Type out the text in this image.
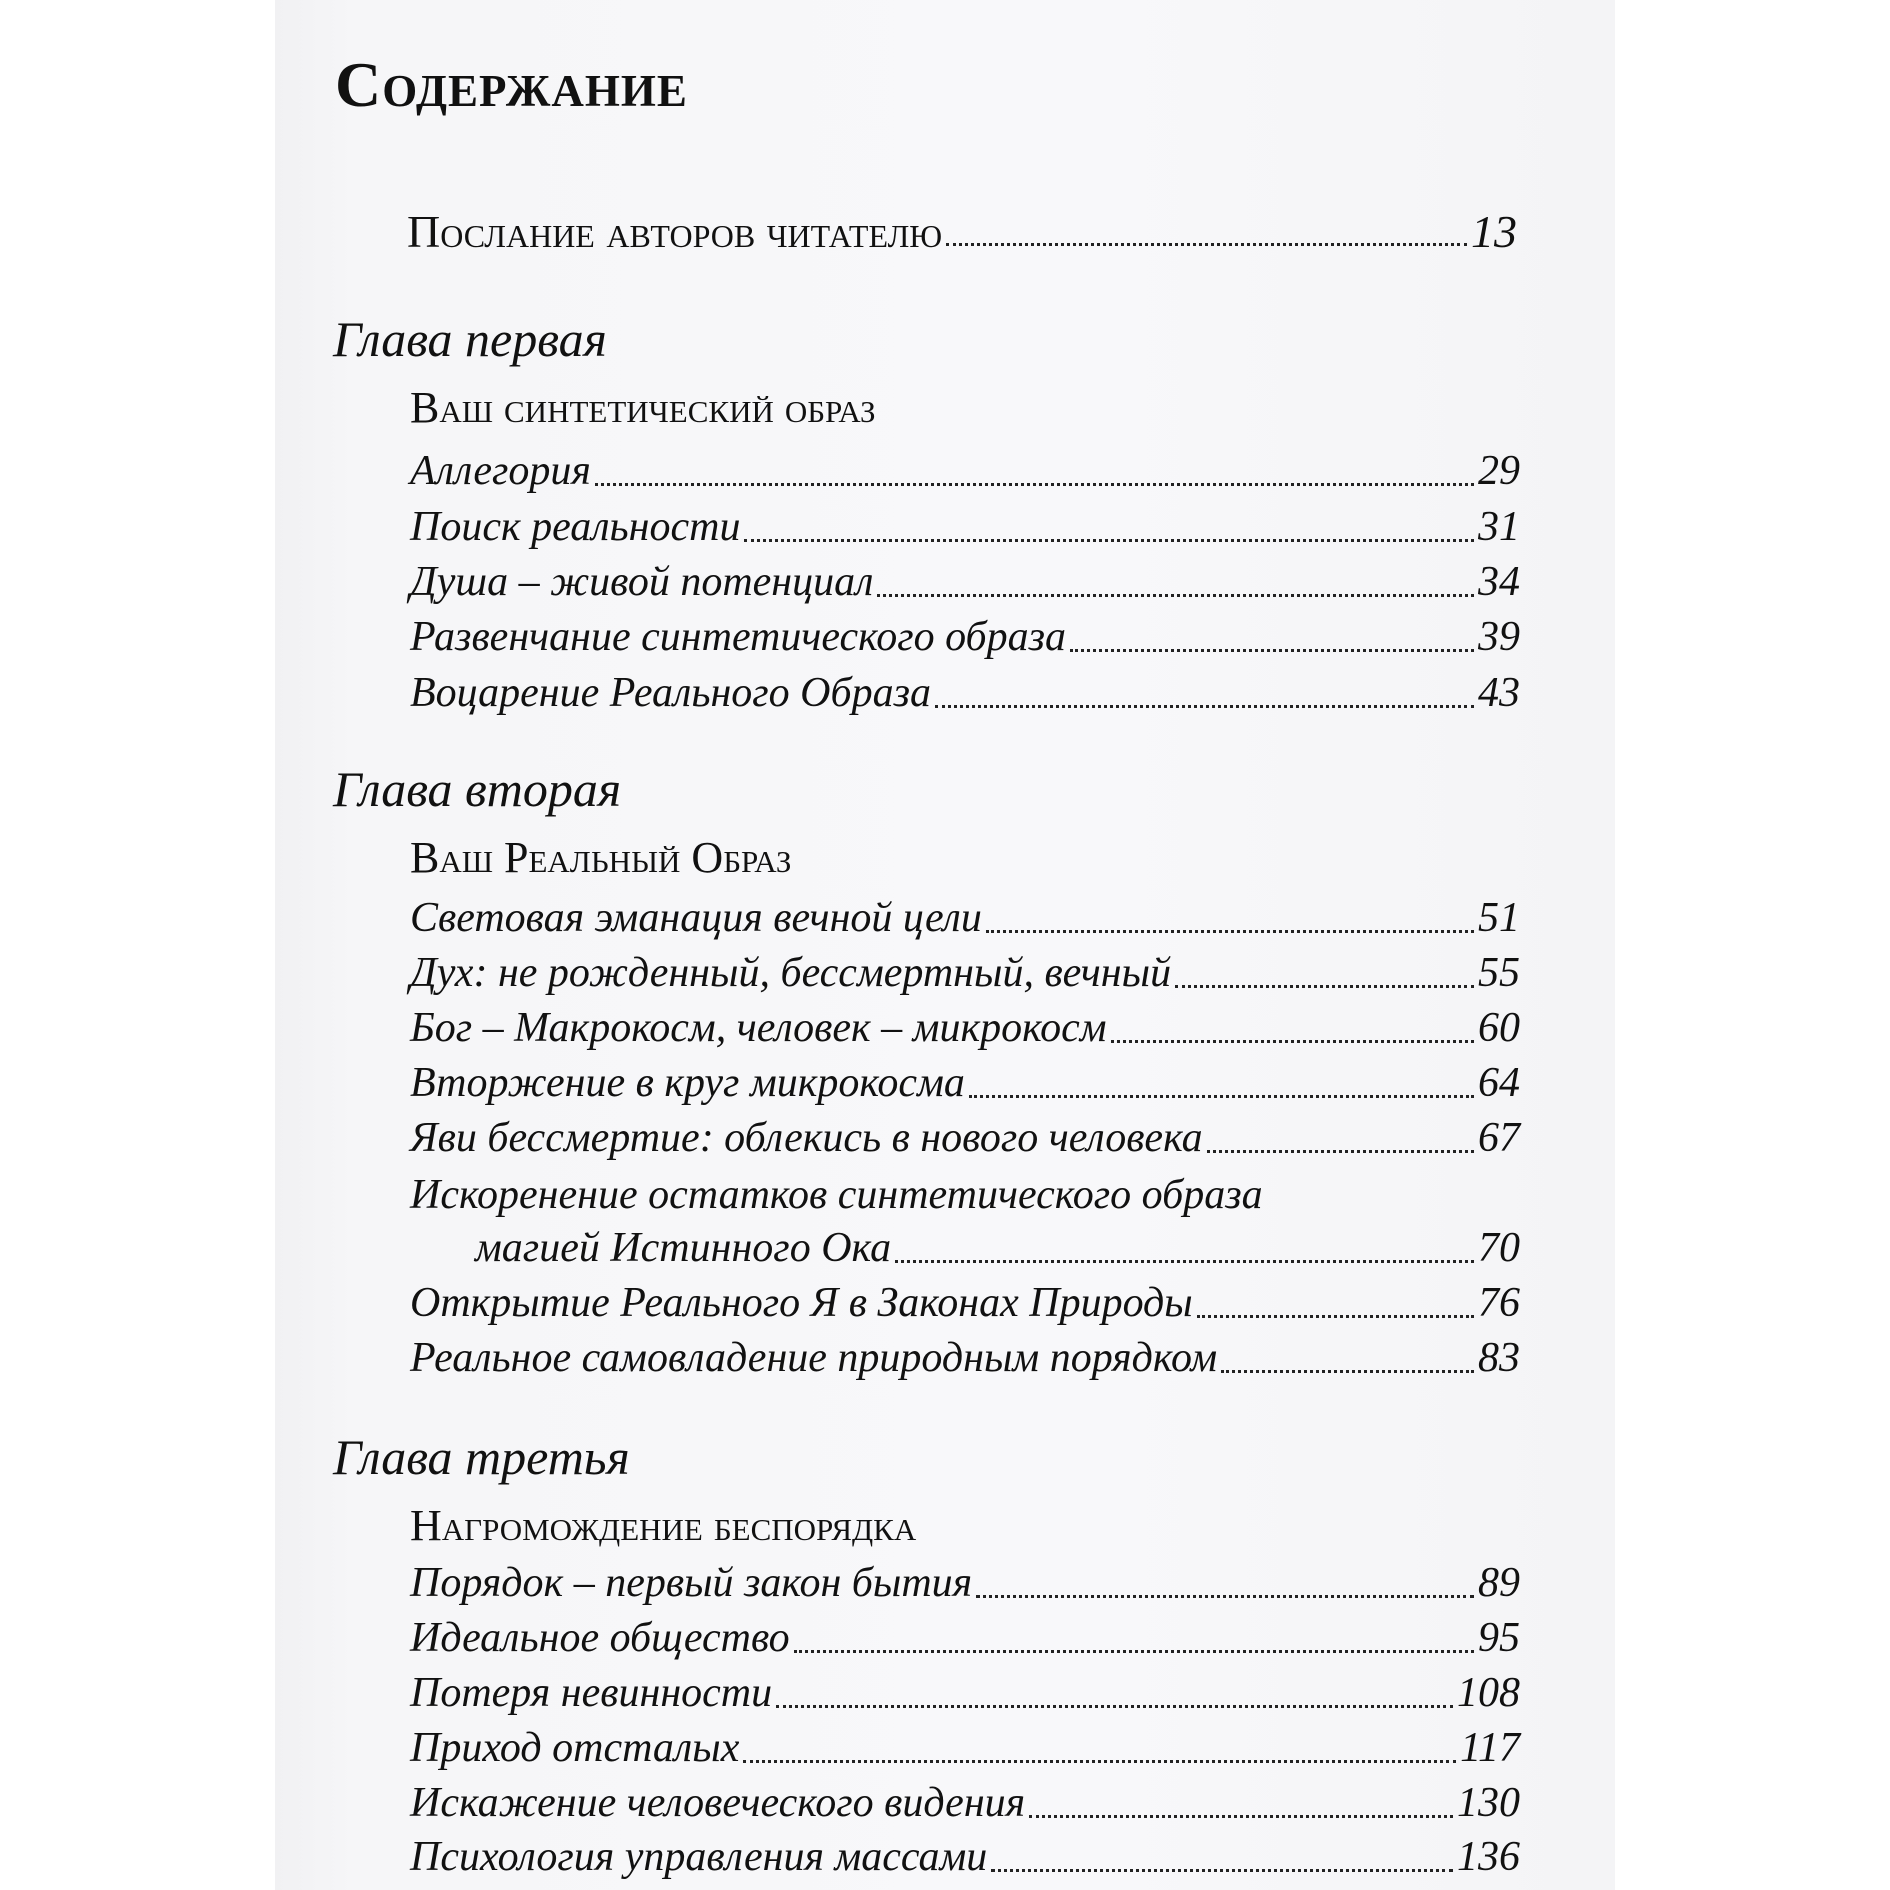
Содержание
Послание авторов читателю	13
Глава первая
Ваш синтетический образ
Аллегория	29
Поиск реальности	31
Душа – живой потенциал	34
Развенчание синтетического образа	39
Воцарение Реального Образа	43
Глава вторая
Ваш Реальный Образ
Световая эманация вечной цели	51
Дух: не рожденный, бессмертный, вечный	55
Бог – Макрокосм, человек – микрокосм	60
Вторжение в круг микрокосма	64
Яви бессмертие: облекись в нового человека	67
Искоренение остатков синтетического образа
магией Истинного Ока	70
Открытие Реального Я в Законах Природы	76
Реальное самовладение природным порядком	83
Глава третья
Нагромождение беспорядка
Порядок – первый закон бытия	89
Идеальное общество	95
Потеря невинности	108
Приход отсталых	117
Искажение человеческого видения	130
Психология управления массами	136
